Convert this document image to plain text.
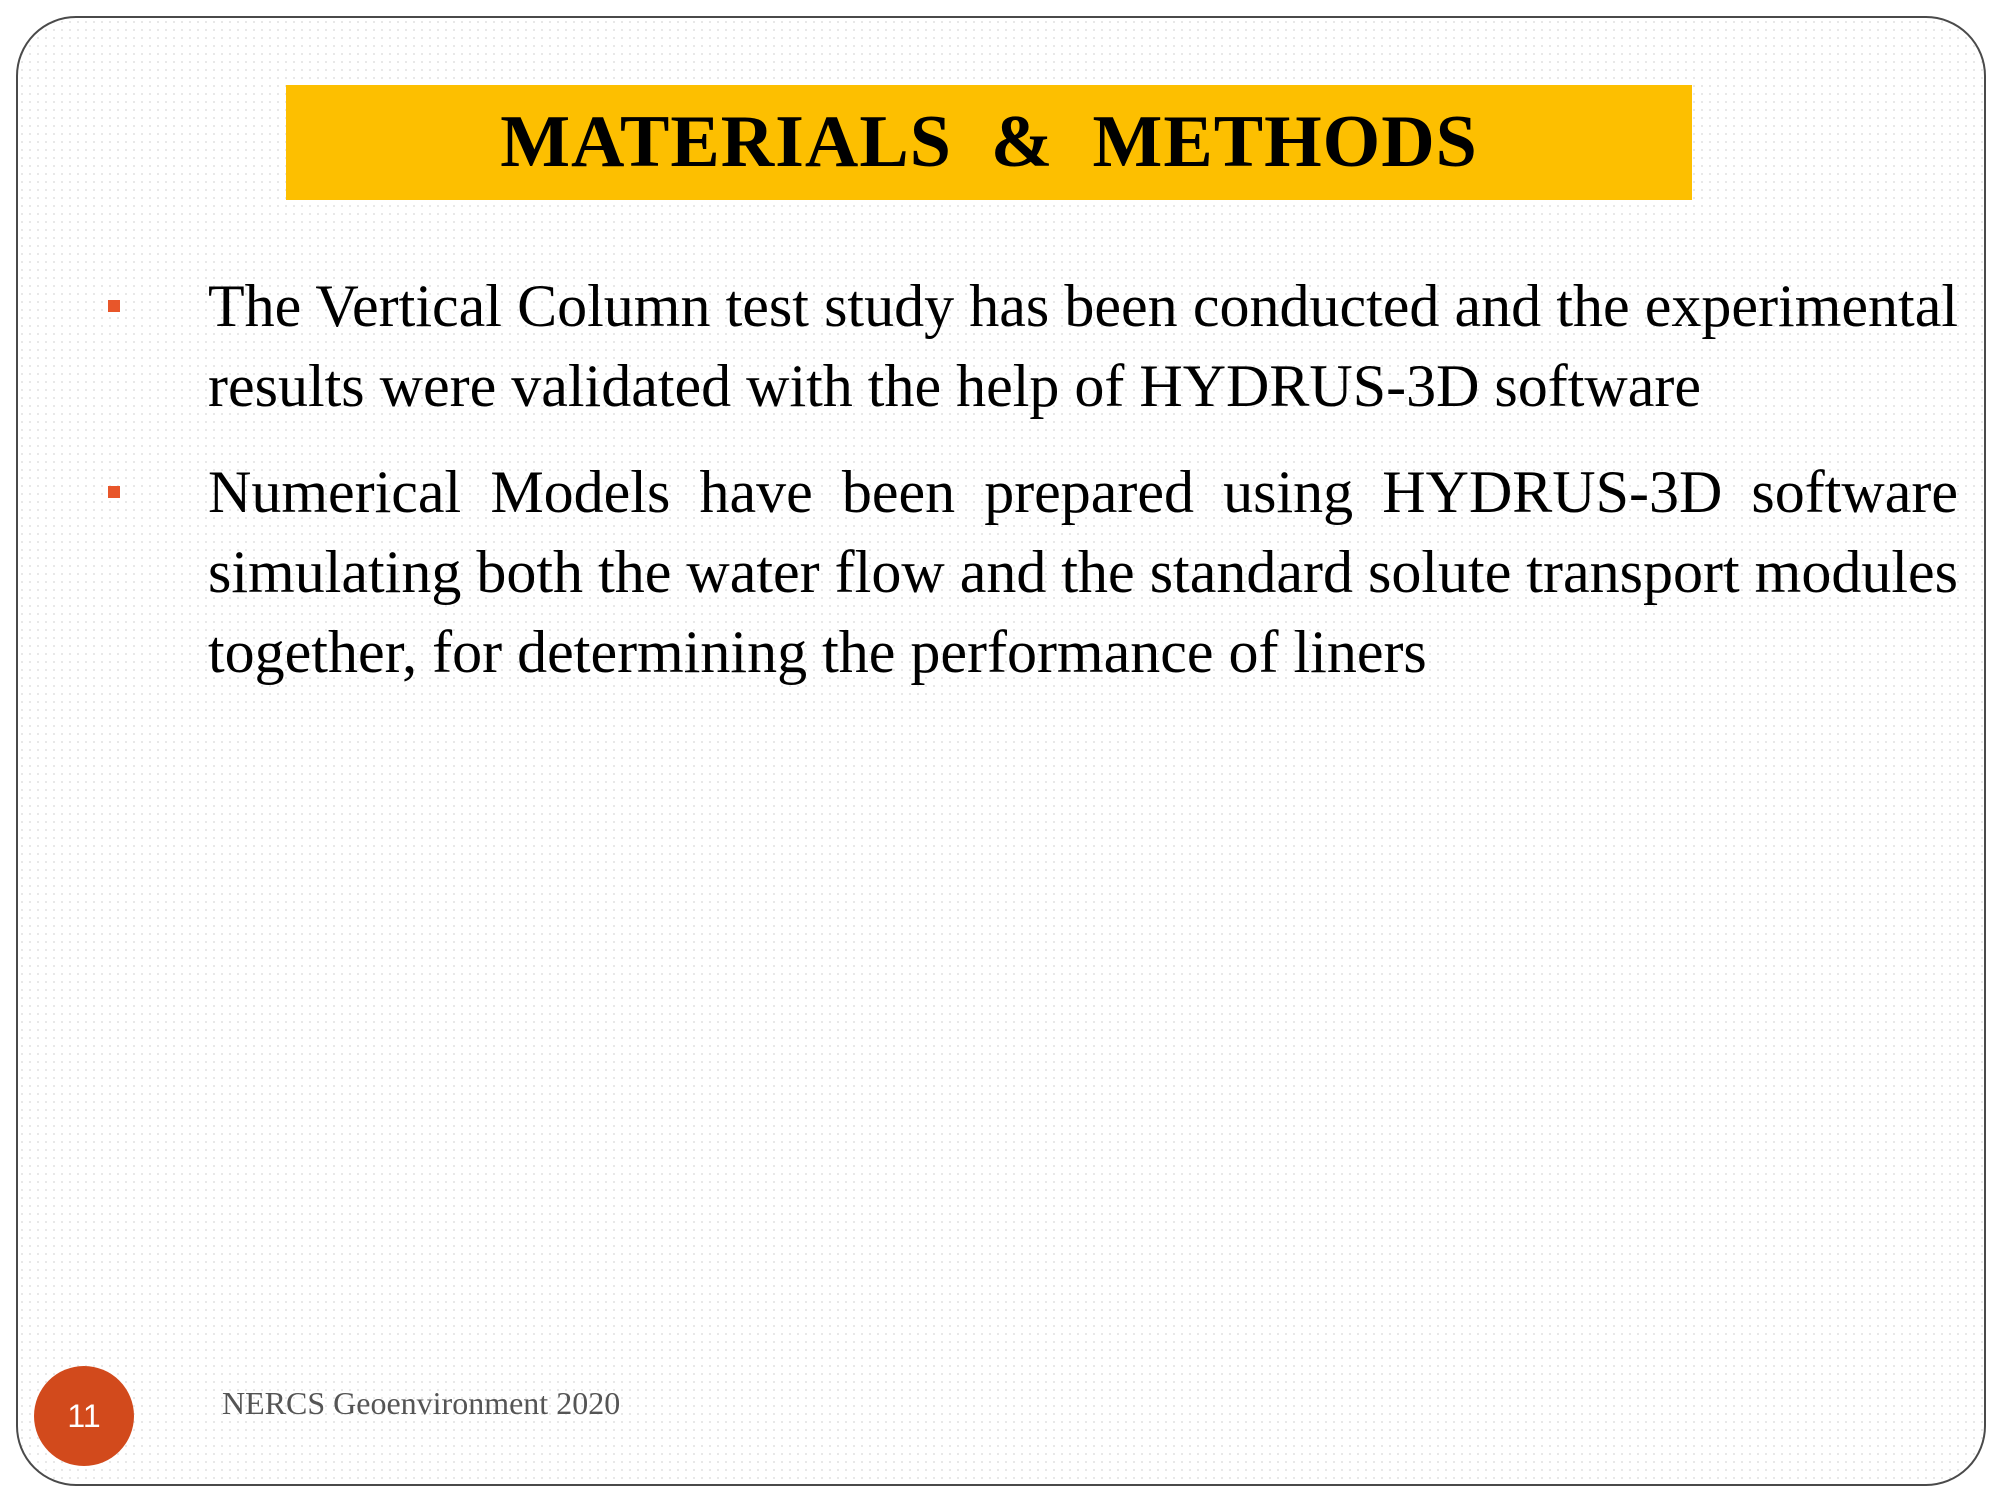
MATERIALS  &  METHODS
The Vertical Column test study has been conducted and the experimental results were validated with the help of HYDRUS-3D software
Numerical Models have been prepared using HYDRUS-3D software simulating both the water flow and the standard solute transport modules together, for determining the performance of liners
11	NERCS Geoenvironment 2020
